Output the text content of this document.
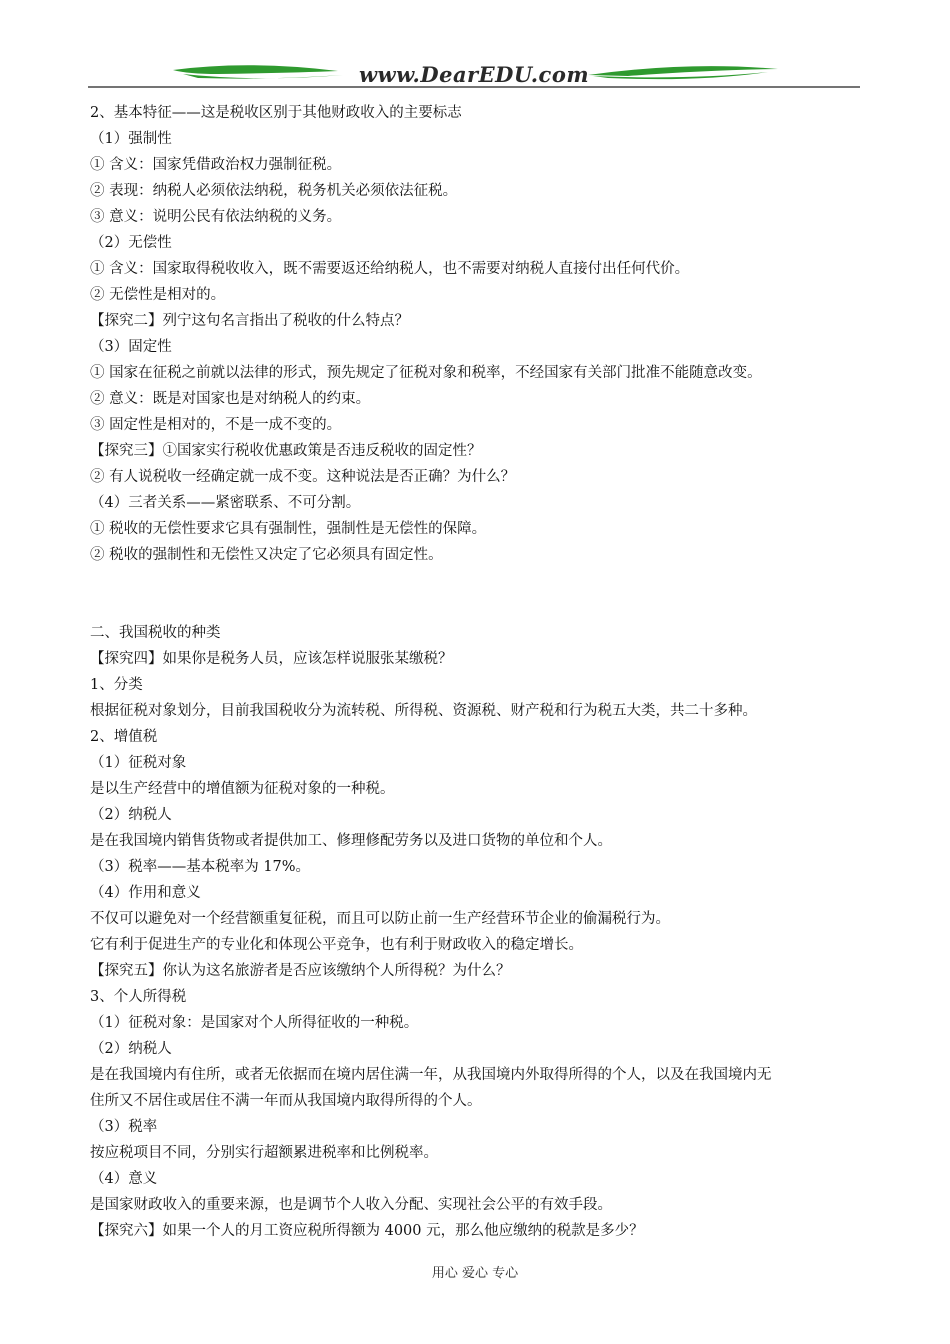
www.DearEDU.com
2、基本特征——这是税收区别于其他财政收入的主要标志
（1）强制性
① 含义：国家凭借政治权力强制征税。
② 表现：纳税人必须依法纳税，税务机关必须依法征税。
③ 意义：说明公民有依法纳税的义务。
（2）无偿性
① 含义：国家取得税收收入，既不需要返还给纳税人，也不需要对纳税人直接付出任何代价。
② 无偿性是相对的。
【探究二】列宁这句名言指出了税收的什么特点？
（3）固定性
① 国家在征税之前就以法律的形式，预先规定了征税对象和税率，不经国家有关部门批准不能随意改变。
② 意义：既是对国家也是对纳税人的约束。
③ 固定性是相对的，不是一成不变的。
【探究三】①国家实行税收优惠政策是否违反税收的固定性？
② 有人说税收一经确定就一成不变。这种说法是否正确？为什么？
（4）三者关系——紧密联系、不可分割。
① 税收的无偿性要求它具有强制性，强制性是无偿性的保障。
② 税收的强制性和无偿性又决定了它必须具有固定性。
二、我国税收的种类
【探究四】如果你是税务人员，应该怎样说服张某缴税？
1、分类
根据征税对象划分，目前我国税收分为流转税、所得税、资源税、财产税和行为税五大类，共二十多种。
2、增值税
（1）征税对象
是以生产经营中的增值额为征税对象的一种税。
（2）纳税人
是在我国境内销售货物或者提供加工、修理修配劳务以及进口货物的单位和个人。
（3）税率——基本税率为 17%。
（4）作用和意义
不仅可以避免对一个经营额重复征税，而且可以防止前一生产经营环节企业的偷漏税行为。
它有利于促进生产的专业化和体现公平竞争，也有利于财政收入的稳定增长。
【探究五】你认为这名旅游者是否应该缴纳个人所得税？为什么？
3、个人所得税
（1）征税对象：是国家对个人所得征收的一种税。
（2）纳税人
是在我国境内有住所，或者无依据而在境内居住满一年，从我国境内外取得所得的个人，以及在我国境内无
住所又不居住或居住不满一年而从我国境内取得所得的个人。
（3）税率
按应税项目不同，分别实行超额累进税率和比例税率。
（4）意义
是国家财政收入的重要来源，也是调节个人收入分配、实现社会公平的有效手段。
【探究六】如果一个人的月工资应税所得额为 4000 元，那么他应缴纳的税款是多少？
用心 爱心 专心
